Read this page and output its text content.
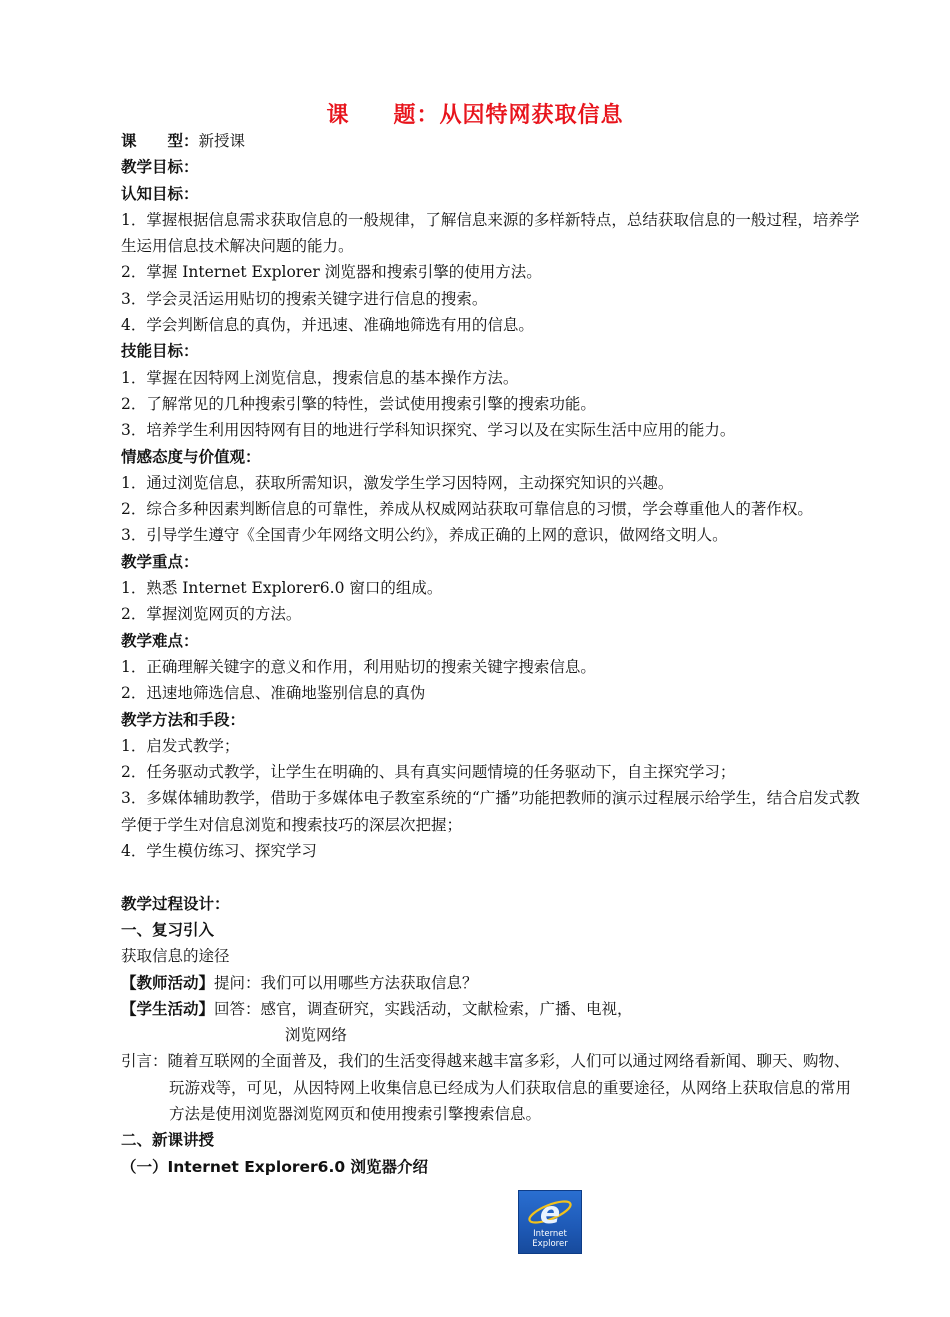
课 题：从因特网获取信息
课　　型：新授课
教学目标：
认知目标：
1．掌握根据信息需求获取信息的一般规律，了解信息来源的多样新特点，总结获取信息的一般过程，培养学生运用信息技术解决问题的能力。
2．掌握 Internet Explorer 浏览器和搜索引擎的使用方法。
3．学会灵活运用贴切的搜索关键字进行信息的搜索。
4．学会判断信息的真伪，并迅速、准确地筛选有用的信息。
技能目标：
1．掌握在因特网上浏览信息，搜索信息的基本操作方法。
2．了解常见的几种搜索引擎的特性，尝试使用搜索引擎的搜索功能。
3．培养学生利用因特网有目的地进行学科知识探究、学习以及在实际生活中应用的能力。
情感态度与价值观：
1．通过浏览信息，获取所需知识，激发学生学习因特网，主动探究知识的兴趣。
2．综合多种因素判断信息的可靠性，养成从权威网站获取可靠信息的习惯，学会尊重他人的著作权。
3．引导学生遵守《全国青少年网络文明公约》，养成正确的上网的意识，做网络文明人。
教学重点：
1．熟悉 Internet Explorer6.0 窗口的组成。
2．掌握浏览网页的方法。
教学难点：
1．正确理解关键字的意义和作用，利用贴切的搜索关键字搜索信息。
2．迅速地筛选信息、准确地鉴别信息的真伪
教学方法和手段：
1．启发式教学；
2．任务驱动式教学，让学生在明确的、具有真实问题情境的任务驱动下，自主探究学习；
3．多媒体辅助教学，借助于多媒体电子教室系统的“广播”功能把教师的演示过程展示给学生，结合启发式教学便于学生对信息浏览和搜索技巧的深层次把握；
4．学生模仿练习、探究学习
教学过程设计：
一、复习引入
获取信息的途径
【教师活动】提问：我们可以用哪些方法获取信息？
【学生活动】回答：感官，调查研究，实践活动，文献检索，广播、电视，
浏览网络
引言：随着互联网的全面普及，我们的生活变得越来越丰富多彩，人们可以通过网络看新闻、聊天、购物、玩游戏等，可见，从因特网上收集信息已经成为人们获取信息的重要途径，从网络上获取信息的常用方法是使用浏览器浏览网页和使用搜索引擎搜索信息。
二、新课讲授
（一）Internet Explorer6.0 浏览器介绍
e
Internet
Explorer
